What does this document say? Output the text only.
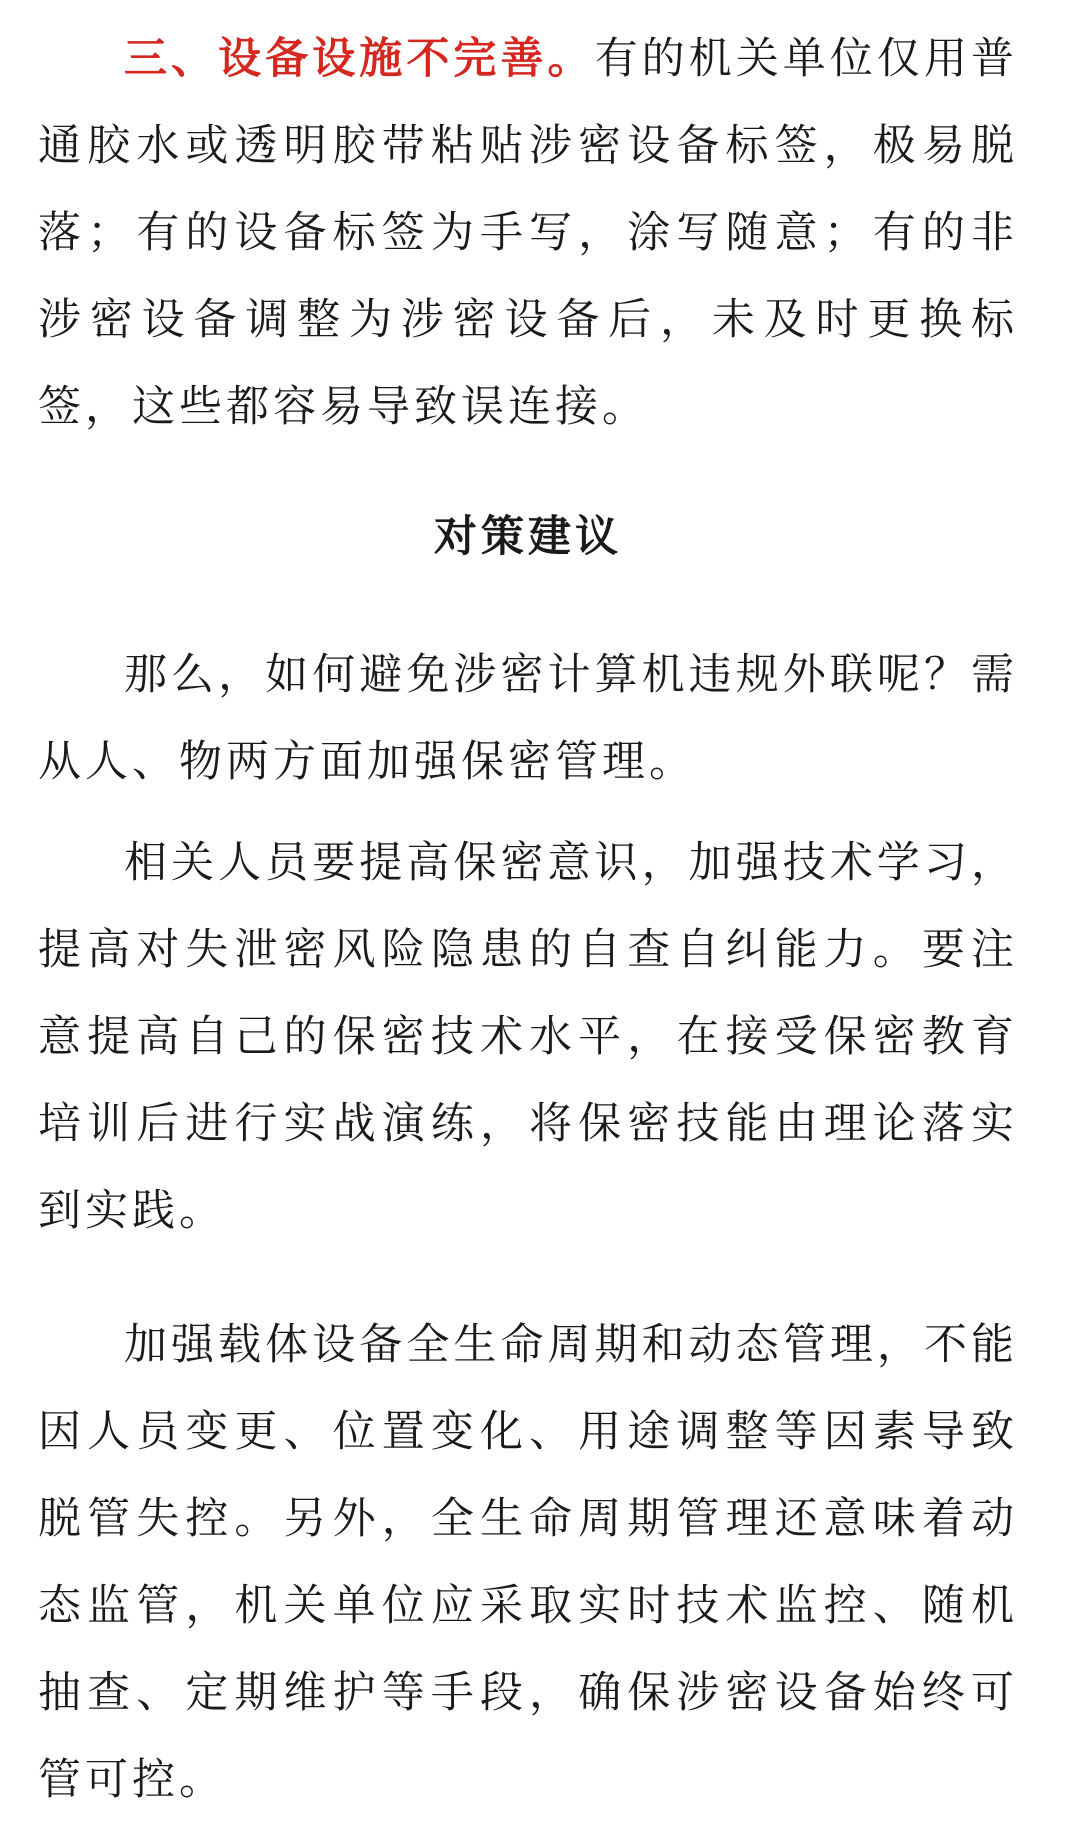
三、设备设施不完善。有的机关单位仅用普通胶水或透明胶带粘贴涉密设备标签，极易脱落；有的设备标签为手写，涂写随意；有的非涉密设备调整为涉密设备后，未及时更换标签，这些都容易导致误连接。

对策建议

那么，如何避免涉密计算机违规外联呢？需从人、物两方面加强保密管理。

相关人员要提高保密意识，加强技术学习，提高对失泄密风险隐患的自查自纠能力。要注意提高自己的保密技术水平，在接受保密教育培训后进行实战演练，将保密技能由理论落实到实践。

加强载体设备全生命周期和动态管理，不能因人员变更、位置变化、用途调整等因素导致脱管失控。另外，全生命周期管理还意味着动态监管，机关单位应采取实时技术监控、随机抽查、定期维护等手段，确保涉密设备始终可管可控。
